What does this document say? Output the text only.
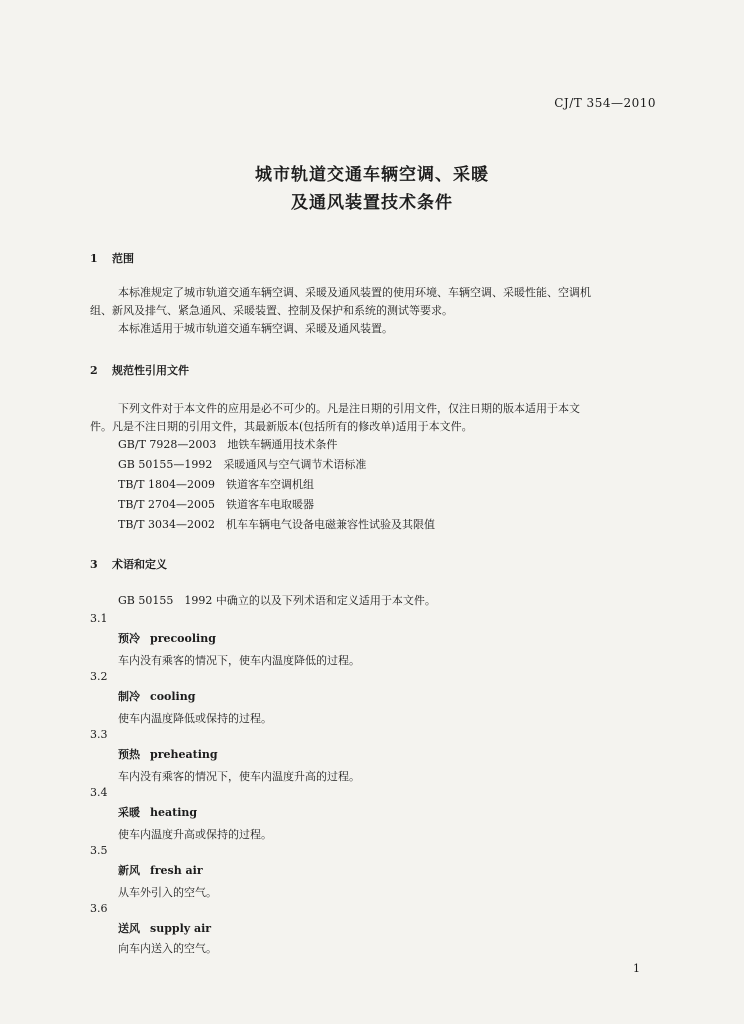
CJ/T 354—2010
城市轨道交通车辆空调、采暖
及通风装置技术条件
1 范围
本标准规定了城市轨道交通车辆空调、采暖及通风装置的使用环境、车辆空调、采暖性能、空调机
组、新风及排气、紧急通风、采暖装置、控制及保护和系统的测试等要求。
本标准适用于城市轨道交通车辆空调、采暖及通风装置。
2 规范性引用文件
下列文件对于本文件的应用是必不可少的。凡是注日期的引用文件，仅注日期的版本适用于本文
件。凡是不注日期的引用文件，其最新版本(包括所有的修改单)适用于本文件。
GB/T 7928—2003　地铁车辆通用技术条件
GB 50155—1992　采暖通风与空气调节术语标准
TB/T 1804—2009　铁道客车空调机组
TB/T 2704—2005　铁道客车电取暖器
TB/T 3034—2002　机车车辆电气设备电磁兼容性试验及其限值
3 术语和定义
GB 50155　1992 中确立的以及下列术语和定义适用于本文件。
3.1
预冷 precooling
车内没有乘客的情况下，使车内温度降低的过程。
3.2
制冷 cooling
使车内温度降低或保持的过程。
3.3
预热 preheating
车内没有乘客的情况下，使车内温度升高的过程。
3.4
采暖 heating
使车内温度升高或保持的过程。
3.5
新风 fresh air
从车外引入的空气。
3.6
送风 supply air
向车内送入的空气。
1
